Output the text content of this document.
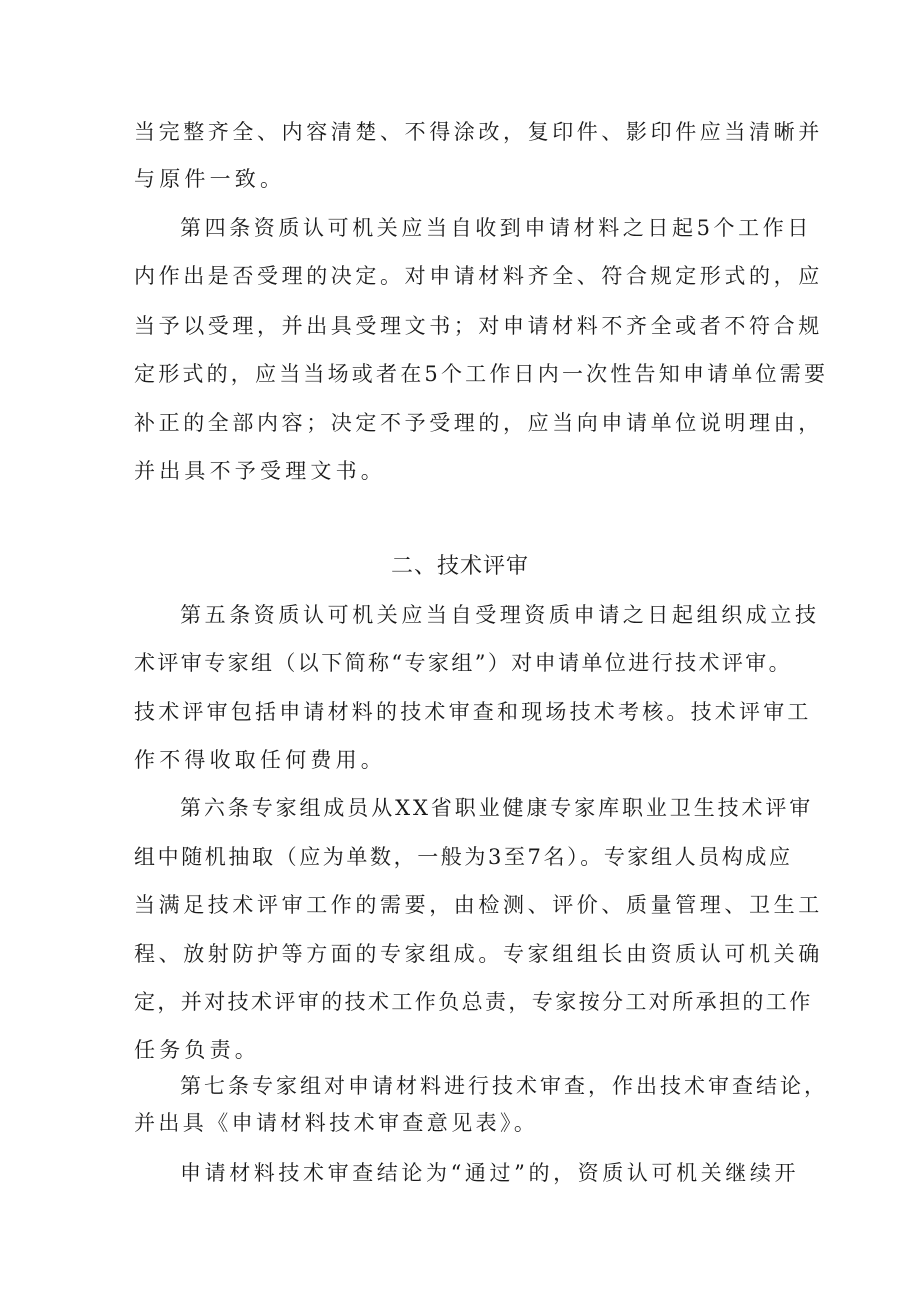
当完整齐全、内容清楚、不得涂改，复印件、影印件应当清晰并
与原件一致。
第四条资质认可机关应当自收到申请材料之日起5个工作日
内作出是否受理的决定。对申请材料齐全、符合规定形式的，应
当予以受理，并出具受理文书；对申请材料不齐全或者不符合规
定形式的，应当当场或者在5个工作日内一次性告知申请单位需要
补正的全部内容；决定不予受理的，应当向申请单位说明理由，
并出具不予受理文书。
二、技术评审
第五条资质认可机关应当自受理资质申请之日起组织成立技
术评审专家组（以下简称“专家组”）对申请单位进行技术评审。
技术评审包括申请材料的技术审查和现场技术考核。技术评审工
作不得收取任何费用。
第六条专家组成员从XX省职业健康专家库职业卫生技术评审
组中随机抽取（应为单数，一般为3至7名）。专家组人员构成应
当满足技术评审工作的需要，由检测、评价、质量管理、卫生工
程、放射防护等方面的专家组成。专家组组长由资质认可机关确
定，并对技术评审的技术工作负总责，专家按分工对所承担的工作
任务负责。
第七条专家组对申请材料进行技术审查，作出技术审查结论，
并出具《申请材料技术审查意见表》。
申请材料技术审查结论为“通过”的，资质认可机关继续开
